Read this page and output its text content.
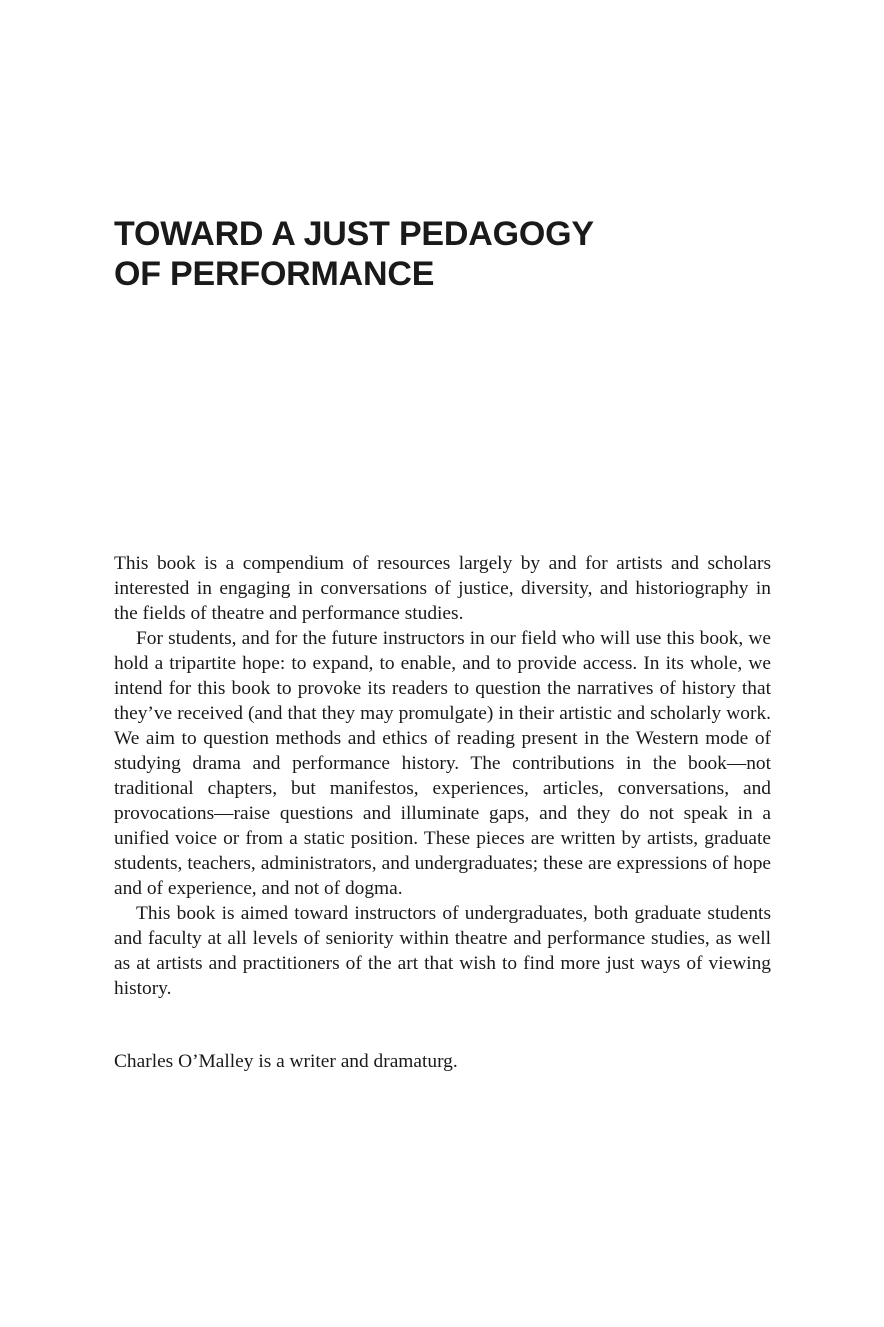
TOWARD A JUST PEDAGOGY
OF PERFORMANCE

This book is a compendium of resources largely by and for artists and scholars interested in engaging in conversations of justice, diversity, and historiography in the fields of theatre and performance studies.

For students, and for the future instructors in our field who will use this book, we hold a tripartite hope: to expand, to enable, and to provide access. In its whole, we intend for this book to provoke its readers to question the narratives of history that they’ve received (and that they may promulgate) in their artistic and scholarly work. We aim to question methods and ethics of reading present in the Western mode of studying drama and performance history. The contributions in the book—not traditional chapters, but manifestos, experiences, articles, conversations, and provocations—raise questions and illuminate gaps, and they do not speak in a unified voice or from a static position. These pieces are written by artists, graduate students, teachers, administrators, and undergraduates; these are expressions of hope and of experience, and not of dogma.

This book is aimed toward instructors of undergraduates, both graduate students and faculty at all levels of seniority within theatre and performance studies, as well as at artists and practitioners of the art that wish to find more just ways of viewing history.

Charles O’Malley is a writer and dramaturg.
